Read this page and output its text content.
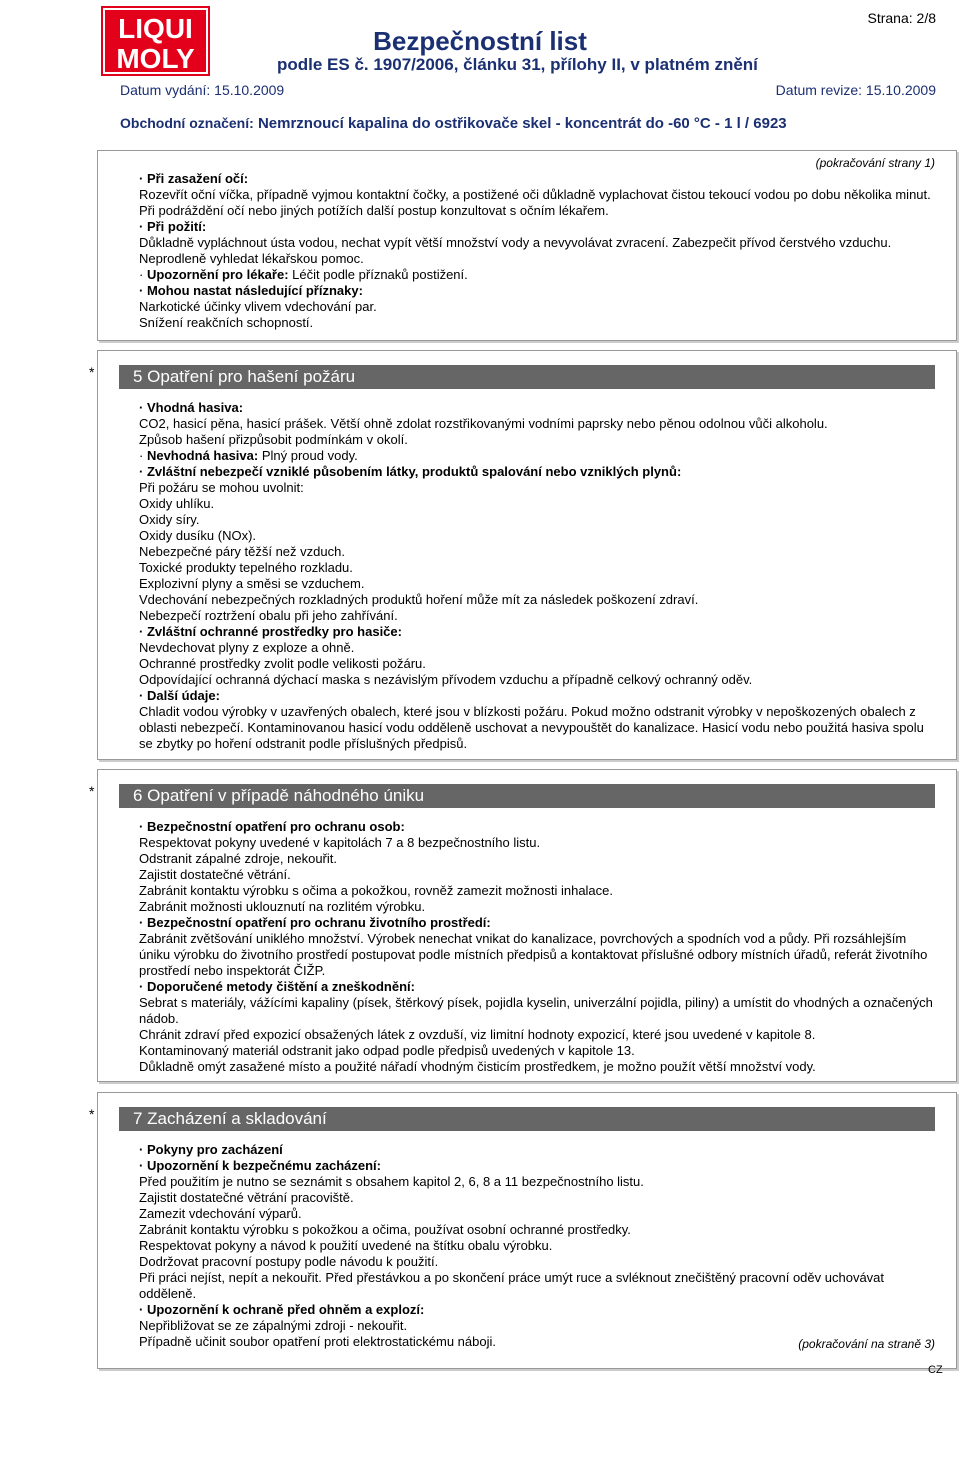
LIQUI
MOLY
Strana: 2/8
Bezpečnostní list
podle ES č. 1907/2006, článku 31, přílohy II, v platném znění
Datum vydání: 15.10.2009	Datum revize: 15.10.2009
Obchodní označení: Nemrznoucí kapalina do ostřikovače skel - koncentrát do -60 °C - 1 l / 6923

(pokračování strany 1)

· Při zasažení očí:

Rozevřít oční víčka, případně vyjmou kontaktní čočky, a postižené oči důkladně vyplachovat čistou tekoucí vodou po dobu několika minut. Při podráždění očí nebo jiných potížích další postup konzultovat s očním lékařem.

· Při požití:

Důkladně vypláchnout ústa vodou, nechat vypít větší množství vody a nevyvolávat zvracení. Zabezpečit přívod čerstvého vzduchu. Neprodleně vyhledat lékařskou pomoc.

· Upozornění pro lékaře: Léčit podle příznaků postižení.

· Mohou nastat následující příznaky:

Narkotické účinky vlivem vdechování par.

Snížení reakčních schopností.

*	5 Opatření pro hašení požáru

· Vhodná hasiva:

CO2, hasicí pěna, hasicí prášek. Větší ohně zdolat rozstřikovanými vodními paprsky nebo pěnou odolnou vůči alkoholu.

Způsob hašení přizpůsobit podmínkám v okolí.

· Nevhodná hasiva: Plný proud vody.

· Zvláštní nebezpečí vzniklé působením látky, produktů spalování nebo vzniklých plynů:

Při požáru se mohou uvolnit:

Oxidy uhlíku.

Oxidy síry.

Oxidy dusíku (NOx).

Nebezpečné páry těžší než vzduch.

Toxické produkty tepelného rozkladu.

Explozivní plyny a směsi se vzduchem.

Vdechování nebezpečných rozkladných produktů hoření může mít za následek poškození zdraví.

Nebezpečí roztržení obalu při jeho zahřívání.

· Zvláštní ochranné prostředky pro hasiče:

Nevdechovat plyny z exploze a ohně.

Ochranné prostředky zvolit podle velikosti požáru.

Odpovídající ochranná dýchací maska s nezávislým přívodem vzduchu a případně celkový ochranný oděv.

· Další údaje:

Chladit vodou výrobky v uzavřených obalech, které jsou v blízkosti požáru. Pokud možno odstranit výrobky v nepoškozených obalech z oblasti nebezpečí. Kontaminovanou hasicí vodu odděleně uschovat a nevypouštět do kanalizace. Hasicí vodu nebo použitá hasiva spolu se zbytky po hoření odstranit podle příslušných předpisů.

*	6 Opatření v případě náhodného úniku

· Bezpečnostní opatření pro ochranu osob:

Respektovat pokyny uvedené v kapitolách 7 a 8 bezpečnostního listu.

Odstranit zápalné zdroje, nekouřit.

Zajistit dostatečné větrání.

Zabránit kontaktu výrobku s očima a pokožkou, rovněž zamezit možnosti inhalace.

Zabránit možnosti uklouznutí na rozlitém výrobku.

· Bezpečnostní opatření pro ochranu životního prostředí:

Zabránit zvětšování uniklého množství. Výrobek nenechat vnikat do kanalizace, povrchových a spodních vod a půdy. Při rozsáhlejším úniku výrobku do životního prostředí postupovat podle místních předpisů a kontaktovat příslušné odbory místních úřadů, referát životního prostředí nebo inspektorát ČIŽP.

· Doporučené metody čištění a zneškodnění:

Sebrat s materiály, vážícími kapaliny (písek, štěrkový písek, pojidla kyselin, univerzální pojidla, piliny) a umístit do vhodných a označených nádob.

Chránit zdraví před expozicí obsažených látek z ovzduší, viz limitní hodnoty expozicí, které jsou uvedené v kapitole 8.

Kontaminovaný materiál odstranit jako odpad podle předpisů uvedených v kapitole 13.

Důkladně omýt zasažené místo a použité nářadí vhodným čisticím prostředkem, je možno použít větší množství vody.

*	7 Zacházení a skladování

· Pokyny pro zacházení

· Upozornění k bezpečnému zacházení:

Před použitím je nutno se seznámit s obsahem kapitol 2, 6, 8 a 11 bezpečnostního listu.

Zajistit dostatečné větrání pracoviště.

Zamezit vdechování výparů.

Zabránit kontaktu výrobku s pokožkou a očima, používat osobní ochranné prostředky.

Respektovat pokyny a návod k použití uvedené na štítku obalu výrobku.

Dodržovat pracovní postupy podle návodu k použití.

Při práci nejíst, nepít a nekouřit. Před přestávkou a po skončení práce umýt ruce a svléknout znečištěný pracovní oděv uchovávat odděleně.

· Upozornění k ochraně před ohněm a explozí:

Nepřibližovat se ze zápalnými zdroji - nekouřit.

Případně učinit soubor opatření proti elektrostatickému náboji.	(pokračování na straně 3)

CZ
